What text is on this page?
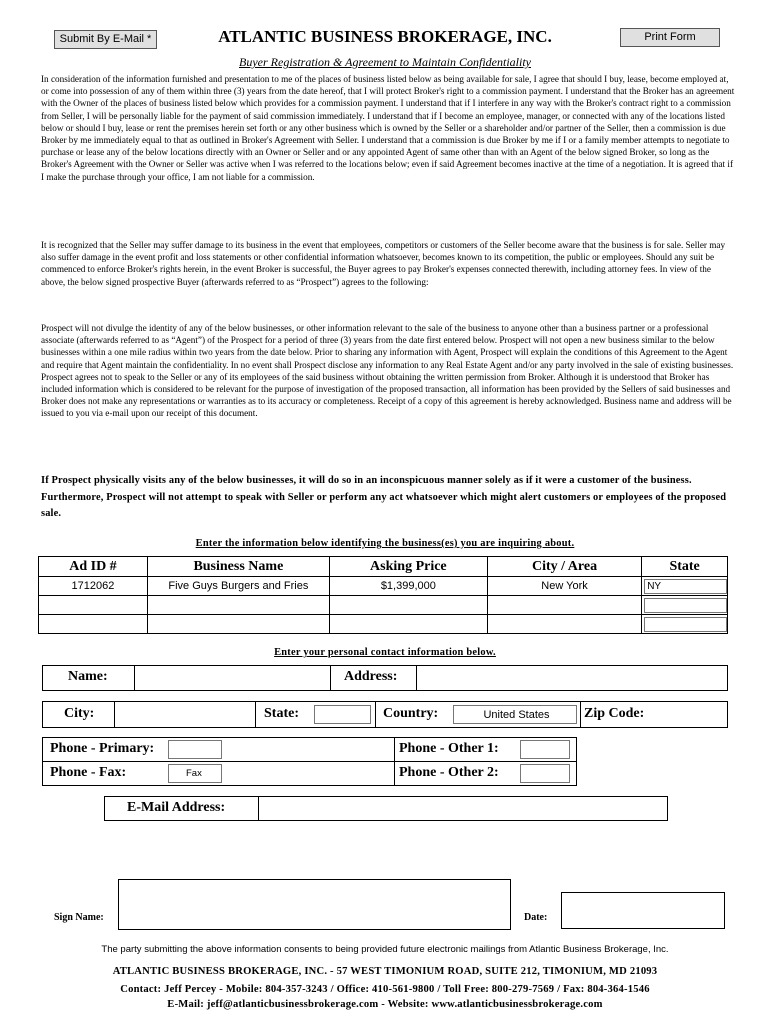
Submit By E-Mail *	ATLANTIC BUSINESS BROKERAGE, INC.	Print Form
Buyer Registration & Agreement to Maintain Confidentiality
In consideration of the information furnished and presentation to me of the places of business listed below as being available for sale, I agree that should I buy, lease, become employed at, or come into possession of any of them within three (3) years from the date hereof, that I will protect Broker's right to a commission payment. I understand that the Broker has an agreement with the Owner of the places of business listed below which provides for a commission payment. I understand that if I interfere in any way with the Broker's contract right to a commission from Seller, I will be personally liable for the payment of said commission immediately. I understand that if I become an employee, manager, or connected with any of the locations listed below or should I buy, lease or rent the premises herein set forth or any other business which is owned by the Seller or a shareholder and/or partner of the Seller, then a commission is due Broker by me immediately equal to that as outlined in Broker's Agreement with Seller. I understand that a commission is due Broker by me if I or a family member attempts to negotiate to purchase or lease any of the below locations directly with an Owner or Seller and or any appointed Agent of same other than with an Agent of the below signed Broker, so long as the Broker's Agreement with the Owner or Seller was active when I was referred to the locations below; even if said Agreement becomes inactive at the time of a negotiation. It is agreed that if I make the purchase through your office, I am not liable for a commission.
It is recognized that the Seller may suffer damage to its business in the event that employees, competitors or customers of the Seller become aware that the business is for sale. Seller may also suffer damage in the event profit and loss statements or other confidential information whatsoever, becomes known to its competition, the public or employees. Should any suit be commenced to enforce Broker's rights herein, in the event Broker is successful, the Buyer agrees to pay Broker's expenses connected therewith, including attorney fees. In view of the above, the below signed prospective Buyer (afterwards referred to as “Prospect”) agrees to the following:
Prospect will not divulge the identity of any of the below businesses, or other information relevant to the sale of the business to anyone other than a business partner or a professional associate (afterwards referred to as “Agent”) of the Prospect for a period of three (3) years from the date first entered below. Prospect will not open a new business similar to the below businesses within a one mile radius within two years from the date below. Prior to sharing any information with Agent, Prospect will explain the conditions of this Agreement to the Agent and require that Agent maintain the confidentiality. In no event shall Prospect disclose any information to any Real Estate Agent and/or any party involved in the sale of existing businesses. Prospect agrees not to speak to the Seller or any of its employees of the said business without obtaining the written permission from Broker. Although it is understood that Broker has included information which is considered to be relevant for the purpose of investigation of the proposed transaction, all information has been provided by the Sellers of said businesses and Broker does not make any representations or warranties as to its accuracy or completeness. Receipt of a copy of this agreement is hereby acknowledged. Business name and address will be issued to you via e-mail upon our receipt of this document.
If Prospect physically visits any of the below businesses, it will do so in an inconspicuous manner solely as if it were a customer of the business. Furthermore, Prospect will not attempt to speak with Seller or perform any act whatsoever which might alert customers or employees of the proposed sale.
Enter the information below identifying the business(es) you are inquiring about.
Ad ID #	Business Name	Asking Price	City / Area	State
1712062	Five Guys Burgers and Fries	$1,399,000	New York	NY

Enter your personal contact information below.
Name:	Address:
City:	State:	Country:	United States	Zip Code:
Phone - Primary:	Phone - Other 1:
Phone - Fax:	Fax	Phone - Other 2:
E-Mail Address:
Sign Name:	Date:
The party submitting the above information consents to being provided future electronic mailings from Atlantic Business Brokerage, Inc.
ATLANTIC BUSINESS BROKERAGE, INC. - 57 WEST TIMONIUM ROAD, SUITE 212, TIMONIUM, MD 21093
Contact: Jeff Percey - Mobile: 804-357-3243 / Office: 410-561-9800 / Toll Free: 800-279-7569 / Fax: 804-364-1546
E-Mail: jeff@atlanticbusinessbrokerage.com - Website: www.atlanticbusinessbrokerage.com
